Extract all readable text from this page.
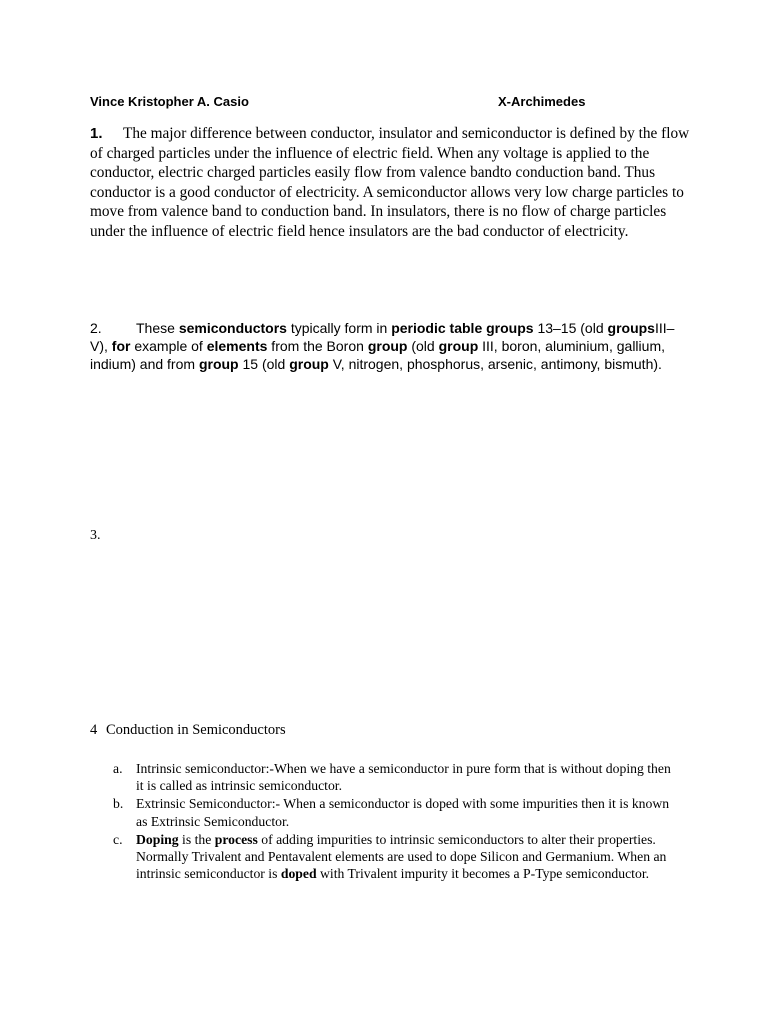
Vince Kristopher A. Casio	X-Archimedes
1. The major difference between conductor, insulator and semiconductor is defined by the flow of charged particles under the influence of electric field. When any voltage is applied to the conductor, electric charged particles easily flow from valence bandto conduction band. Thus conductor is a good conductor of electricity. A semiconductor allows very low charge particles to move from valence band to conduction band. In insulators, there is no flow of charge particles under the influence of electric field hence insulators are the bad conductor of electricity.
2. These semiconductors typically form in periodic table groups 13–15 (old groupsIII–V), for example of elements from the Boron group (old group III, boron, aluminium, gallium, indium) and from group 15 (old group V, nitrogen, phosphorus, arsenic, antimony, bismuth).
3.
4 Conduction in Semiconductors
a. Intrinsic semiconductor:-When we have a semiconductor in pure form that is without doping then it is called as intrinsic semiconductor.
b. Extrinsic Semiconductor:- When a semiconductor is doped with some impurities then it is known as Extrinsic Semiconductor.
c. Doping is the process of adding impurities to intrinsic semiconductors to alter their properties. Normally Trivalent and Pentavalent elements are used to dope Silicon and Germanium. When an intrinsic semiconductor is doped with Trivalent impurity it becomes a P-Type semiconductor.
